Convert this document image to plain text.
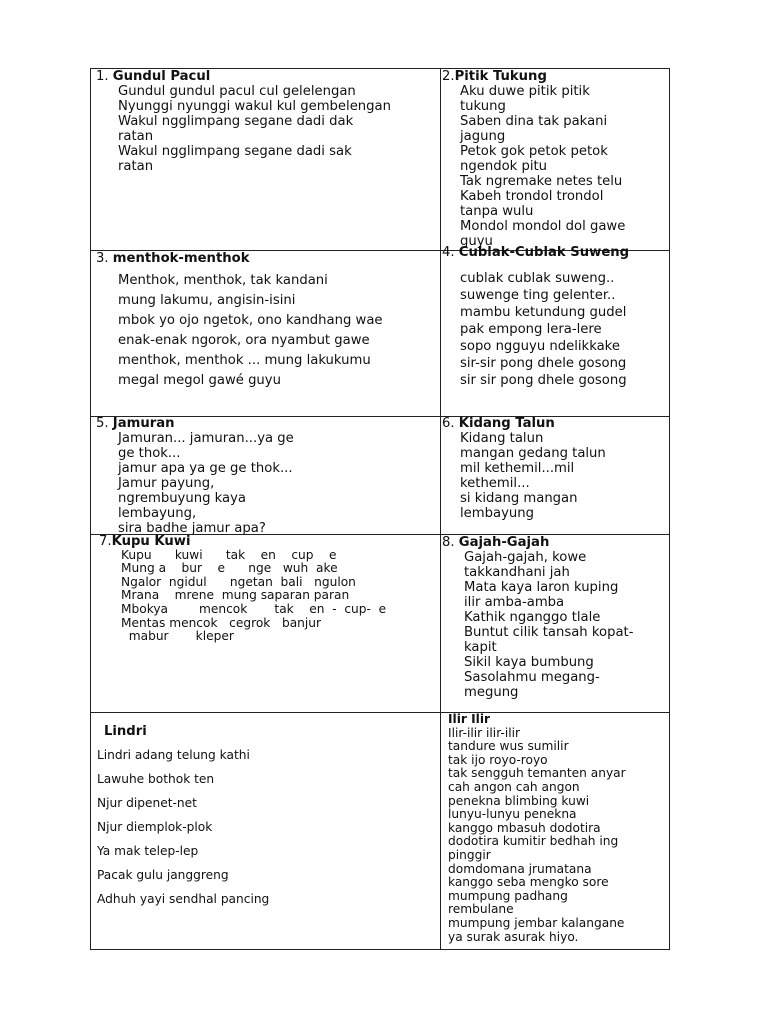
1. Gundul Pacul
Gundul gundul pacul cul gelelengan
Nyunggi nyunggi wakul kul gembelengan
Wakul ngglimpang segane dadi dak
ratan
Wakul ngglimpang segane dadi sak
ratan
2.Pitik Tukung
Aku duwe pitik pitik
tukung
Saben dina tak pakani
jagung
Petok gok petok petok
ngendok pitu
Tak ngremake netes telu
Kabeh trondol trondol
tanpa wulu
Mondol mondol dol gawe
guyu
3. menthok-menthok
Menthok, menthok, tak kandani
mung lakumu, angisin-isini
mbok yo ojo ngetok, ono kandhang wae
enak-enak ngorok, ora nyambut gawe
menthok, menthok ... mung lakukumu
megal megol gawé guyu
4. Cublak-Cublak Suweng
cublak cublak suweng..
suwenge ting gelenter..
mambu ketundung gudel
pak empong lera-lere
sopo ngguyu ndelikkake
sir-sir pong dhele gosong
sir sir pong dhele gosong
5. Jamuran
Jamuran... jamuran...ya ge
ge thok...
jamur apa ya ge ge thok...
Jamur payung,
ngrembuyung kaya
lembayung,
sira badhe jamur apa?
6. Kidang Talun
Kidang talun
mangan gedang talun
mil kethemil...mil
kethemil...
si kidang mangan
lembayung
7.Kupu Kuwi
Kupu      kuwi      tak    en    cup    e
Mung a    bur    e      nge   wuh  ake
Ngalor  ngidul      ngetan  bali   ngulon
Mrana    mrene  mung saparan paran
Mbokya        mencok       tak    en  -  cup-  e
Mentas mencok   cegrok   banjur
mabur       kleper
8. Gajah-Gajah
Gajah-gajah, kowe
takkandhani jah
Mata kaya laron kuping
ilir amba-amba
Kathik nganggo tlale
Buntut cilik tansah kopat-
kapit
Sikil kaya bumbung
Sasolahmu megang-
megung
Lindri
Lindri adang telung kathi
Lawuhe bothok ten
Njur dipenet-net
Njur diemplok-plok
Ya mak telep-lep
Pacak gulu janggreng
Adhuh yayi sendhal pancing
Ilir Ilir
Ilir-ilir ilir-ilir
tandure wus sumilir
tak ijo royo-royo
tak sengguh temanten anyar
cah angon cah angon
penekna blimbing kuwi
lunyu-lunyu penekna
kanggo mbasuh dodotira
dodotira kumitir bedhah ing
pinggir
domdomana jrumatana
kanggo seba mengko sore
mumpung padhang
rembulane
mumpung jembar kalangane
ya surak asurak hiyo.
